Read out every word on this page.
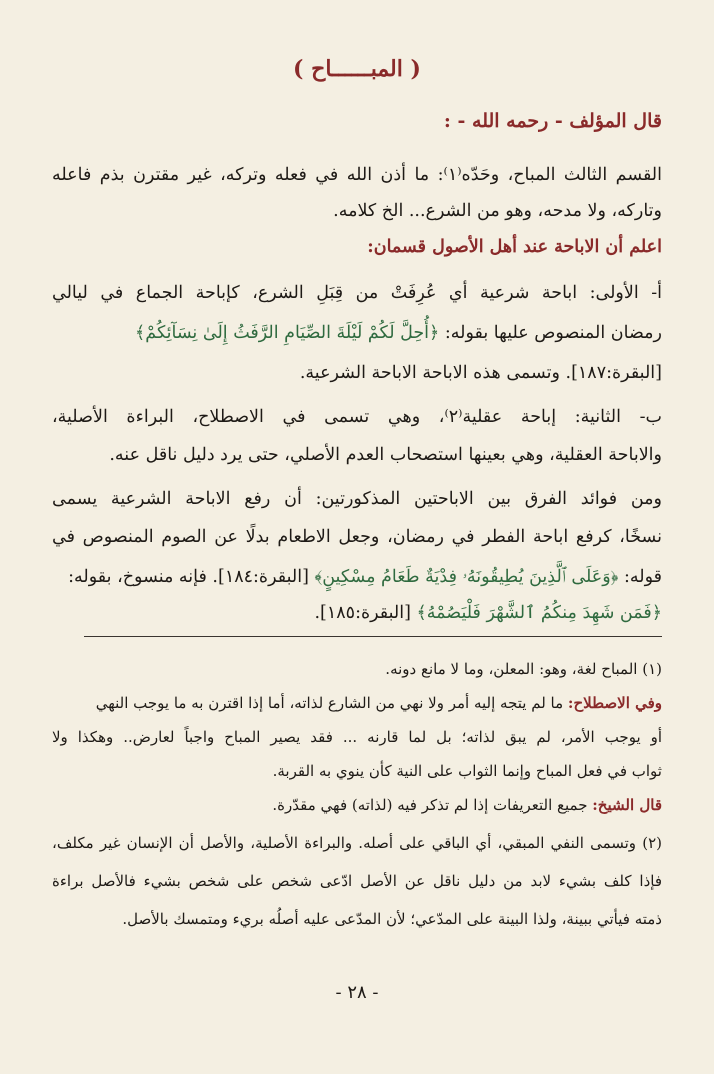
( المبــــــاح )
قال المؤلف - رحمه الله - :
القسم الثالث المباح، وحَدّه⁽١⁾: ما أذن الله في فعله وتركه، غير مقترن بذم فاعله
وتاركه، ولا مدحه، وهو من الشرع... الخ كلامه.
اعلم أن الاباحة عند أهل الأصول قسمان:
أ- الأولى: اباحة شرعية أي عُرِفَتْ من قِبَلِ الشرع، كإباحة الجماع في ليالي
رمضان المنصوص عليها بقوله: ﴿أُحِلَّ لَكُمْ لَيْلَةَ الصِّيَامِ الرَّفَثُ إِلَىٰ نِسَآئِكُمْ﴾
[البقرة:١٨٧]. وتسمى هذه الاباحة الاباحة الشرعية.
ب- الثانية: إباحة عقلية⁽٢⁾، وهي تسمى في الاصطلاح، البراءة الأصلية،
والاباحة العقلية، وهي بعينها استصحاب العدم الأصلي، حتى يرد دليل ناقل عنه.
ومن فوائد الفرق بين الاباحتين المذكورتين: أن رفع الاباحة الشرعية يسمى
نسخًا، كرفع اباحة الفطر في رمضان، وجعل الاطعام بدلًا عن الصوم المنصوص في
قوله: ﴿وَعَلَى ٱلَّذِينَ يُطِيقُونَهُۥ فِدْيَةٌ طَعَامُ مِسْكِينٍ﴾ [البقرة:١٨٤]. فإنه منسوخ، بقوله:
﴿فَمَن شَهِدَ مِنكُمُ ٱلشَّهْرَ فَلْيَصُمْهُ﴾ [البقرة:١٨٥].
(١) المباح لغة، وهو: المعلن، وما لا مانع دونه.
وفي الاصطلاح: ما لم يتجه إليه أمر ولا نهي من الشارع لذاته، أما إذا اقترن به ما يوجب النهي
أو يوجب الأمر، لم يبق لذاته؛ بل لما قارنه ... فقد يصير المباح واجباً لعارض.. وهكذا ولا
ثواب في فعل المباح وإنما الثواب على النية كأن ينوي به القربة.
قال الشيخ: جميع التعريفات إذا لم تذكر فيه (لذاته) فهي مقدّرة.
(٢) وتسمى النفي المبقي، أي الباقي على أصله. والبراءة الأصلية، والأصل أن الإنسان غير مكلف،
فإذا كلف بشيء لابد من دليل ناقل عن الأصل ادّعى شخص على شخص بشيء فالأصل براءة
ذمته فيأتي ببينة، ولذا البينة على المدّعي؛ لأن المدّعى عليه أصلُه بريء ومتمسك بالأصل.
- ٢٨ -
